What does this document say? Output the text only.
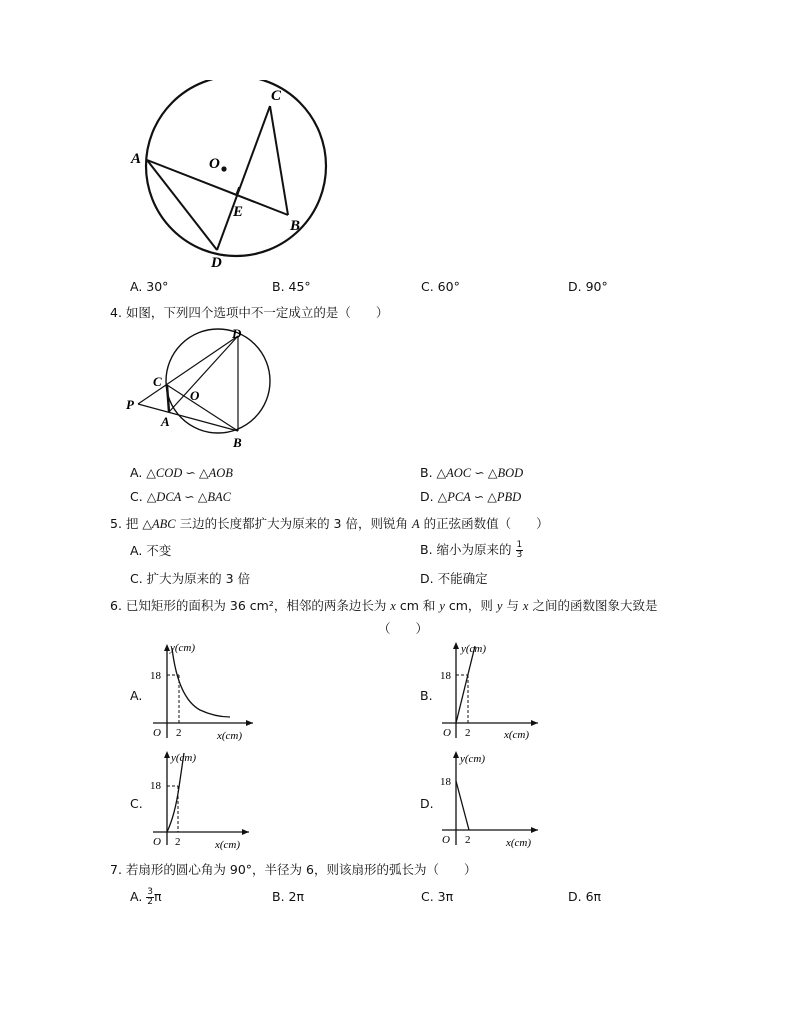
A
C
O
E
B
D
A. 30°	B. 45°	C. 60°	D. 90°
4. 如图，下列四个选项中不一定成立的是（　　）
D
C
O
P
A
B
A. △COD ∽ △AOB	B. △AOC ∽ △BOD
C. △DCA ∽ △BAC	D. △PCA ∽ △PBD
5. 把 △ABC 三边的长度都扩大为原来的 3 倍，则锐角 A 的正弦函数值（　　）
A. 不变	B. 缩小为原来的 $\frac{1}{3}$
C. 扩大为原来的 3 倍	D. 不能确定
6. 已知矩形的面积为 36 cm²，相邻的两条边长为 x cm 和 y cm，则 y 与 x 之间的函数图象大致是
（　　）
A.
y(cm)
18
O 2	x(cm)
B.
y(cm)
18
O 2	x(cm)
C.
y(cm)
18
O 2	x(cm)
D.
y(cm)
18
O 2	x(cm)
7. 若扇形的圆心角为 90°，半径为 6，则该扇形的弧长为（　　）
A. $\frac{3}{2}$ π	B. 2π	C. 3π	D. 6π
